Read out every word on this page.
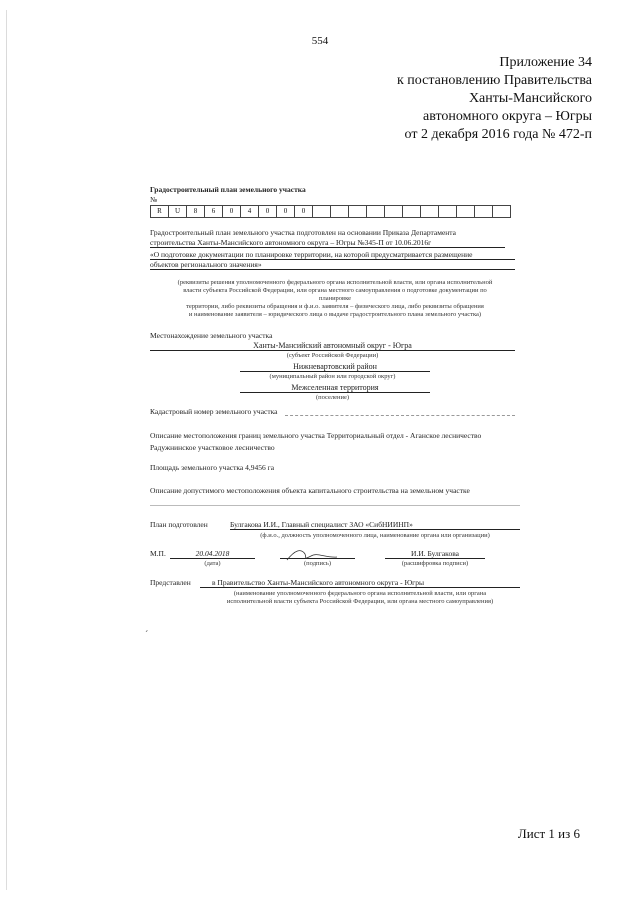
554
Приложение 34
к постановлению Правительства
Ханты-Мансийского
автономного округа – Югры
от 2 декабря 2016 года № 472-п
Градостроительный план земельного участка
№
R	U	8	6	0	4	0	0	0
Градостроительный план земельного участка подготовлен на основании Приказа Департамента
строительства Ханты-Мансийского автономного округа – Югры №345-П от 10.06.2016г
«О подготовке документации по планировке территории, на которой предусматривается размещение
объектов регионального значения»
(реквизиты решения уполномоченного федерального органа исполнительной власти, или органа исполнительной
власти субъекта Российской Федерации, или органа местного самоуправления о подготовке документации по
планировке
территории, либо реквизиты обращения и ф.и.о. заявителя – физического лица, либо реквизиты обращения
и наименование заявителя – юридического лица о выдаче градостроительного плана земельного участка)
Местонахождение земельного участка
Ханты-Мансийский автономный округ - Югра
(субъект Российской Федерации)
Нижневартовский район
(муниципальный район или городской округ)
Межселенная территория
(поселение)
Кадастровый номер земельного участка
Описание местоположения границ земельного участка Территориальный отдел - Аганское лесничество
Радужнинское участковое лесничество
Площадь земельного участка 4,9456 га
Описание допустимого местоположения объекта капитального строительства на земельном участке
План подготовлен	Булгакова И.И., Главный специалист ЗАО «СибНИИНП»
(ф.и.о., должность уполномоченного лица, наименование органа или организации)
М.П.	20.04.2018
(дата)	(подпись)
И.И. Булгакова
(расшифровка подписи)
Представлен	в Правительство Ханты-Мансийского автономного округа - Югры
(наименование уполномоченного федерального органа исполнительной власти, или органа
исполнительной власти субъекта Российской Федерации, или органа местного самоуправления)
ˊ
Лист 1 из 6
